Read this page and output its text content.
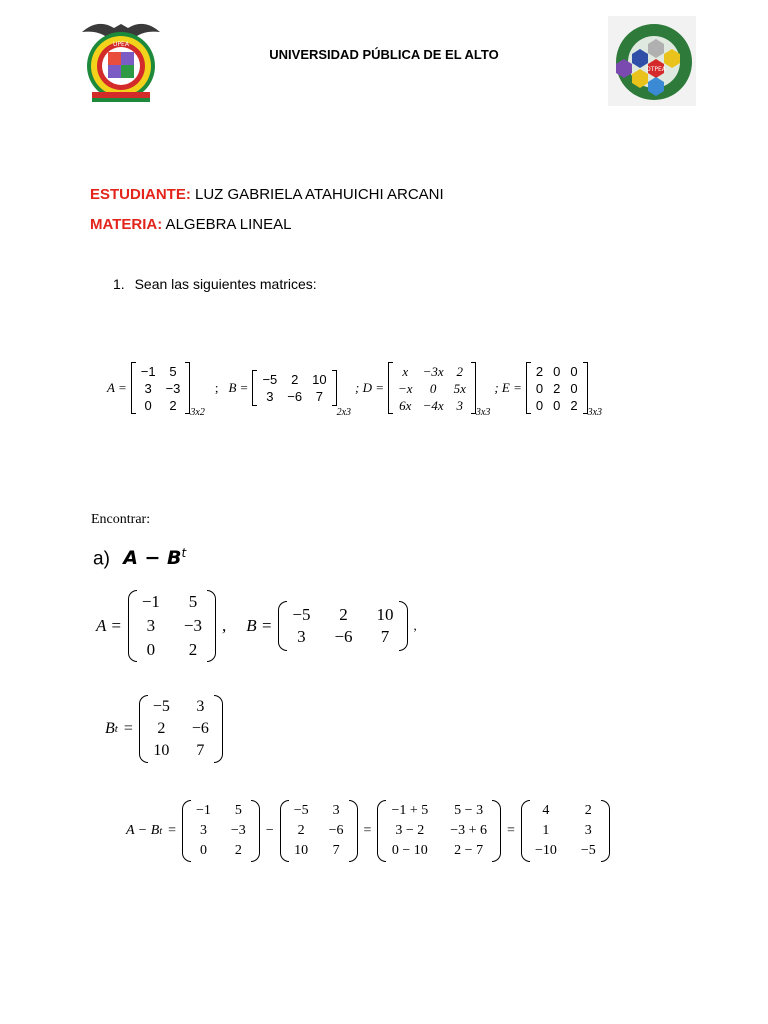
UPEA
UNIVERSIDAD PÚBLICA DE EL ALTO
DTPEA
ESTUDIANTE: LUZ GABRIELA ATAHUICHI ARCANI
MATERIA: ALGEBRA LINEAL
1. Sean las siguientes matrices:
A =
−1	5
3	−3
0	2	3x2
; B =
−5	2	10
3	−6	7
2x3
; D =
x	−3x 2
−x	0	5x
6x −4x 3	3x3
; E =
2 0 0
0 2 0
0 0 2	3x3
Encontrar:
a) $A - B^t$
A =
−1	5
3	−3
0	2
, B =
−5	2	10
3	−6	7
,
B t =
−5	3
2	−6
10	7
A − B t =
−1	5
3	−3
0	2
−
−5	3
2	−6
10	7
=
−1 + 5	5 − 3
3 − 2	−3 + 6
0 − 10	2 − 7
=
4	2
1	3
−10	−5
